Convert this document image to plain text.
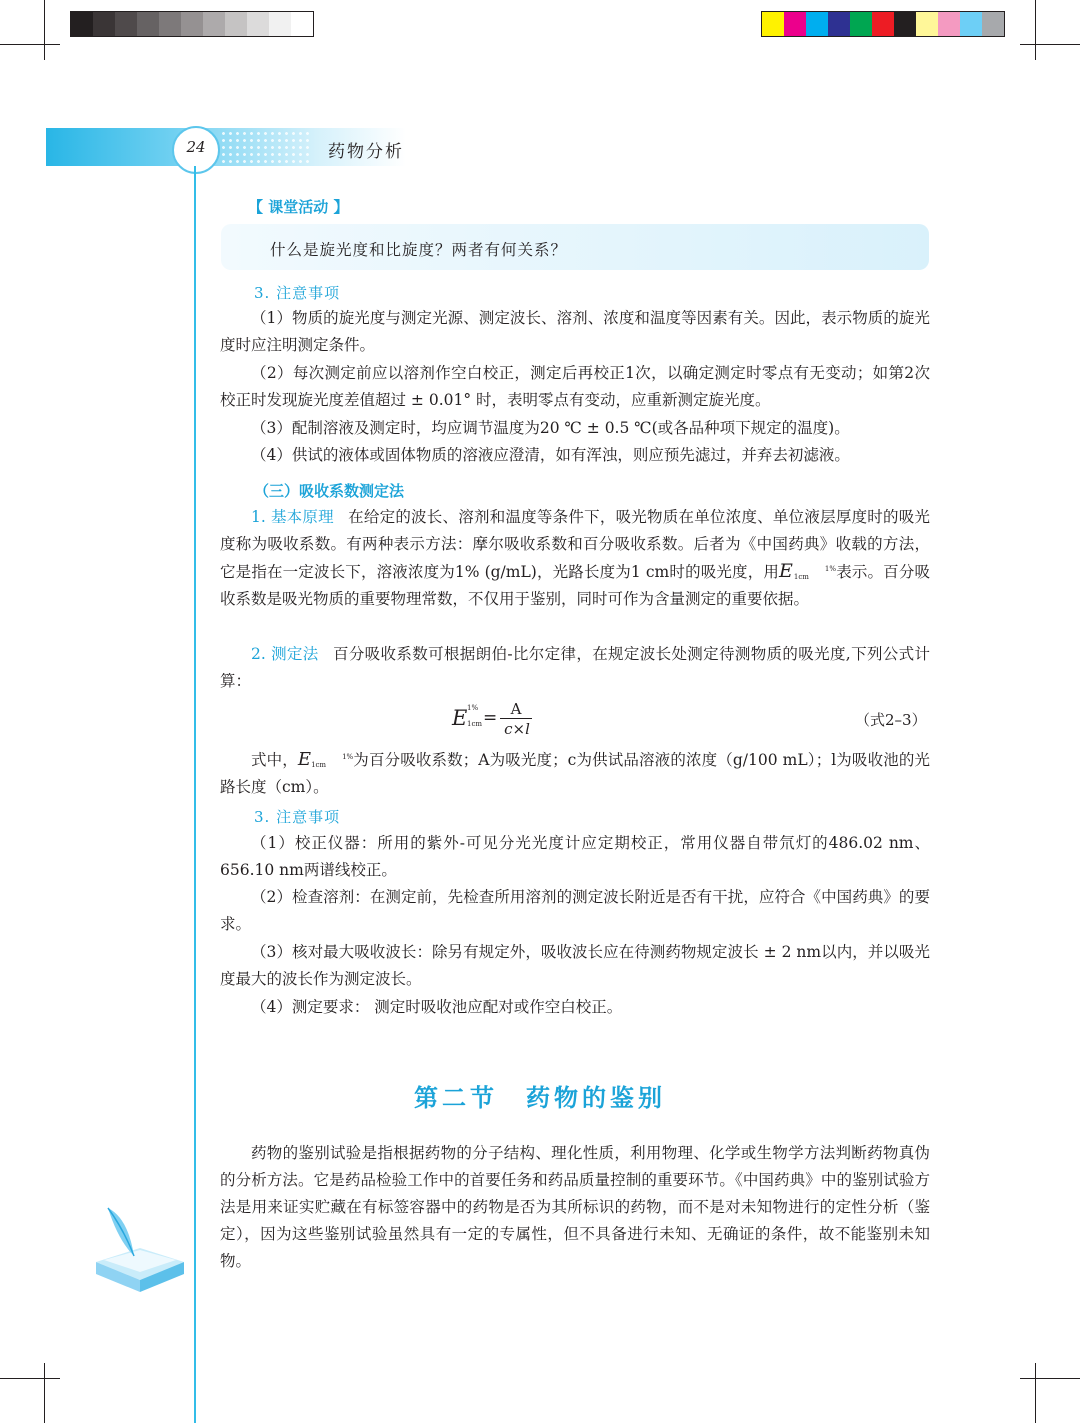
24	药物分析
【 课堂活动 】
什么是旋光度和比旋度？两者有何关系？
3. 注意事项
（1）物质的旋光度与测定光源、测定波长、溶剂、浓度和温度等因素有关。因此，表示物质的旋光度时应注明测定条件。
（2）每次测定前应以溶剂作空白校正，测定后再校正1次，以确定测定时零点有无变动；如第2次校正时发现旋光度差值超过 ± 0.01° 时，表明零点有变动，应重新测定旋光度。
（3）配制溶液及测定时，均应调节温度为20 ℃ ± 0.5 ℃(或各品种项下规定的温度)。
（4）供试的液体或固体物质的溶液应澄清，如有浑浊，则应预先滤过，并弃去初滤液。
（三）吸收系数测定法
1. 基本原理 在给定的波长、溶剂和温度等条件下，吸光物质在单位浓度、单位液层厚度时的吸光度称为吸收系数。有两种表示方法：摩尔吸收系数和百分吸收系数。后者为《中国药典》收载的方法，它是指在一定波长下，溶液浓度为1% (g/mL)，光路长度为1 cm时的吸光度，用E	1%
1cm 表示。百分吸收系数是吸光物质的重要物理常数，不仅用于鉴别，同时可作为含量测定的重要依据。
2. 测定法 百分吸收系数可根据朗伯-比尔定律，在规定波长处测定待测物质的吸光度,下列公式计算：
E 1%
1cm = A
c×l	（式2–3）
式中，E	1%
1cm 为百分吸收系数；A为吸光度；c为供试品溶液的浓度（g/100 mL）；l为吸收池的光路长度（cm）。
3. 注意事项
（1）校正仪器：所用的紫外-可见分光光度计应定期校正，常用仪器自带氘灯的486.02 nm、656.10 nm两谱线校正。
（2）检查溶剂：在测定前，先检查所用溶剂的测定波长附近是否有干扰，应符合《中国药典》的要求。
（3）核对最大吸收波长：除另有规定外，吸收波长应在待测药物规定波长 ± 2 nm以内，并以吸光度最大的波长作为测定波长。
（4）测定要求： 测定时吸收池应配对或作空白校正。
第二节　药物的鉴别
药物的鉴别试验是指根据药物的分子结构、理化性质，利用物理、化学或生物学方法判断药物真伪的分析方法。它是药品检验工作中的首要任务和药品质量控制的重要环节。《中国药典》中的鉴别试验方法是用来证实贮藏在有标签容器中的药物是否为其所标识的药物，而不是对未知物进行的定性分析（鉴定），因为这些鉴别试验虽然具有一定的专属性，但不具备进行未知、无确证的条件，故不能鉴别未知物。
